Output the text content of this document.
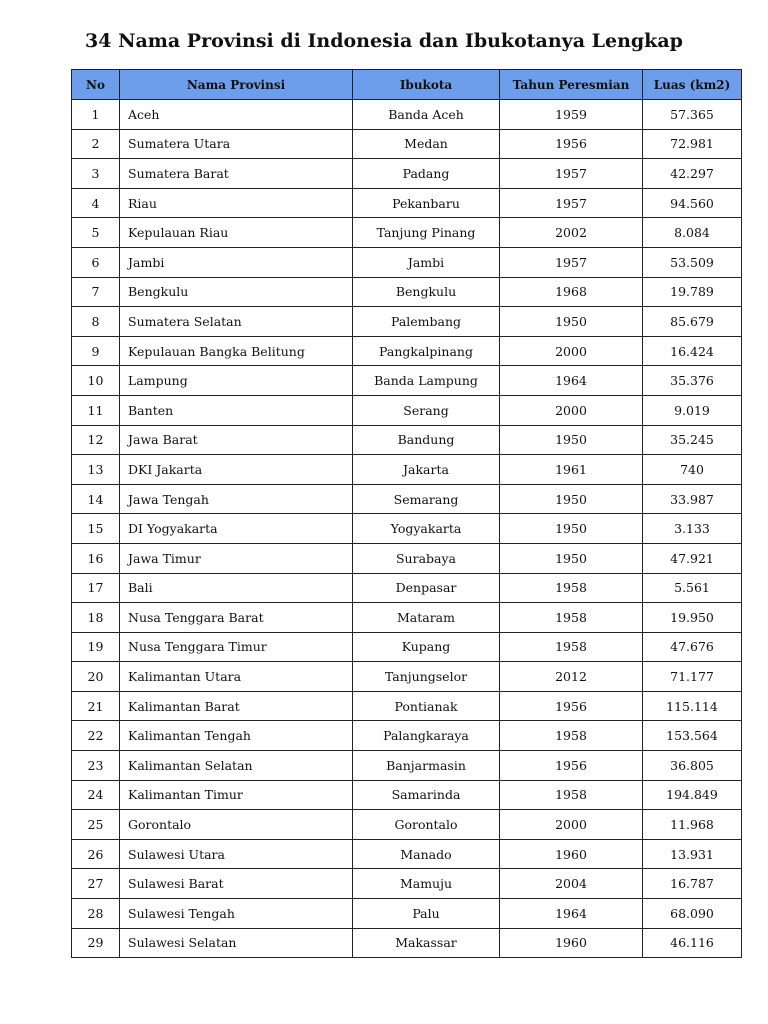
34 Nama Provinsi di Indonesia dan Ibukotanya Lengkap
No	Nama Provinsi	Ibukota	Tahun Peresmian	Luas (km2)
1	Aceh	Banda Aceh	1959	57.365
2	Sumatera Utara	Medan	1956	72.981
3	Sumatera Barat	Padang	1957	42.297
4	Riau	Pekanbaru	1957	94.560
5	Kepulauan Riau	Tanjung Pinang	2002	8.084
6	Jambi	Jambi	1957	53.509
7	Bengkulu	Bengkulu	1968	19.789
8	Sumatera Selatan	Palembang	1950	85.679
9	Kepulauan Bangka Belitung	Pangkalpinang	2000	16.424
10	Lampung	Banda Lampung	1964	35.376
11	Banten	Serang	2000	9.019
12	Jawa Barat	Bandung	1950	35.245
13	DKI Jakarta	Jakarta	1961	740
14	Jawa Tengah	Semarang	1950	33.987
15	DI Yogyakarta	Yogyakarta	1950	3.133
16	Jawa Timur	Surabaya	1950	47.921
17	Bali	Denpasar	1958	5.561
18	Nusa Tenggara Barat	Mataram	1958	19.950
19	Nusa Tenggara Timur	Kupang	1958	47.676
20	Kalimantan Utara	Tanjungselor	2012	71.177
21	Kalimantan Barat	Pontianak	1956	115.114
22	Kalimantan Tengah	Palangkaraya	1958	153.564
23	Kalimantan Selatan	Banjarmasin	1956	36.805
24	Kalimantan Timur	Samarinda	1958	194.849
25	Gorontalo	Gorontalo	2000	11.968
26	Sulawesi Utara	Manado	1960	13.931
27	Sulawesi Barat	Mamuju	2004	16.787
28	Sulawesi Tengah	Palu	1964	68.090
29	Sulawesi Selatan	Makassar	1960	46.116
